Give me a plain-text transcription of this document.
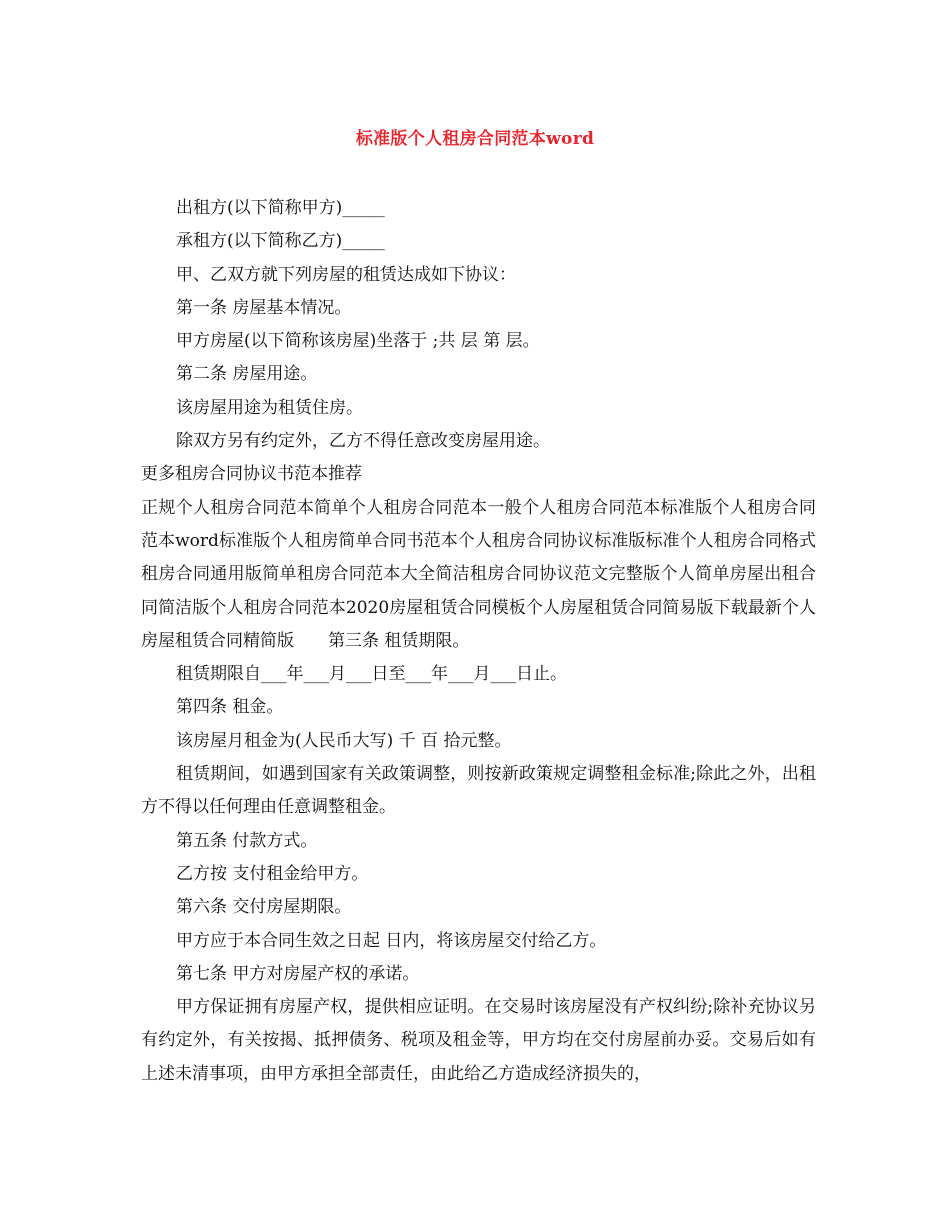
标准版个人租房合同范本word

出租方(以下简称甲方)_____

承租方(以下简称乙方)_____

甲、乙双方就下列房屋的租赁达成如下协议：

第一条 房屋基本情况。

甲方房屋(以下简称该房屋)坐落于 ;共 层 第 层。

第二条 房屋用途。

该房屋用途为租赁住房。

除双方另有约定外，乙方不得任意改变房屋用途。

更多租房合同协议书范本推荐

正规个人租房合同范本简单个人租房合同范本一般个人租房合同范本标准版个人租房合同范本word标准版个人租房简单合同书范本个人租房合同协议标准版标准个人租房合同格式租房合同通用版简单租房合同范本大全简洁租房合同协议范文完整版个人简单房屋出租合同简洁版个人租房合同范本2020房屋租赁合同模板个人房屋租赁合同简易版下载最新个人房屋租赁合同精简版 第三条 租赁期限。

租赁期限自___年___月___日至___年___月___日止。

第四条 租金。

该房屋月租金为(人民币大写) 千 百 拾元整。

租赁期间，如遇到国家有关政策调整，则按新政策规定调整租金标准;除此之外，出租方不得以任何理由任意调整租金。

第五条 付款方式。

乙方按 支付租金给甲方。

第六条 交付房屋期限。

甲方应于本合同生效之日起 日内，将该房屋交付给乙方。

第七条 甲方对房屋产权的承诺。

甲方保证拥有房屋产权，提供相应证明。在交易时该房屋没有产权纠纷;除补充协议另有约定外，有关按揭、抵押债务、税项及租金等，甲方均在交付房屋前办妥。交易后如有上述未清事项，由甲方承担全部责任，由此给乙方造成经济损失的，
